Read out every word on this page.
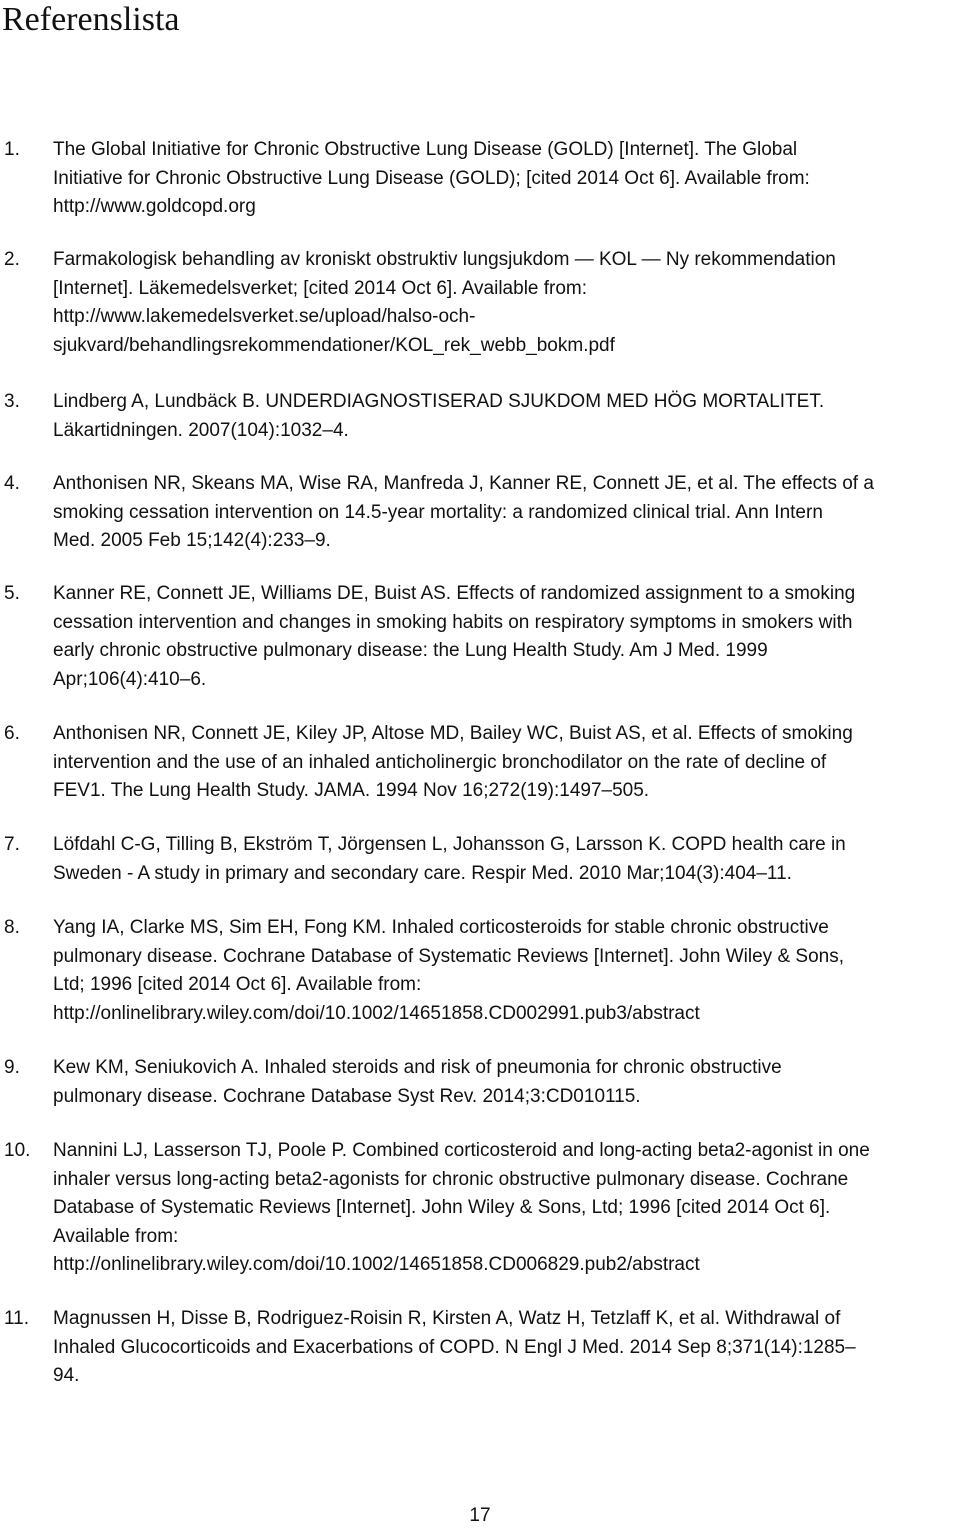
Referenslista
1. The Global Initiative for Chronic Obstructive Lung Disease (GOLD) [Internet]. The Global
Initiative for Chronic Obstructive Lung Disease (GOLD); [cited 2014 Oct 6]. Available from:
http://www.goldcopd.org
2. Farmakologisk behandling av kroniskt obstruktiv lungsjukdom — KOL — Ny rekommendation
[Internet]. Läkemedelsverket; [cited 2014 Oct 6]. Available from:
http://www.lakemedelsverket.se/upload/halso-och-
sjukvard/behandlingsrekommendationer/KOL_rek_webb_bokm.pdf
3. Lindberg A, Lundbäck B. UNDERDIAGNOSTISERAD SJUKDOM MED HÖG MORTALITET.
Läkartidningen. 2007(104):1032–4.
4. Anthonisen NR, Skeans MA, Wise RA, Manfreda J, Kanner RE, Connett JE, et al. The effects of a
smoking cessation intervention on 14.5-year mortality: a randomized clinical trial. Ann Intern
Med. 2005 Feb 15;142(4):233–9.
5. Kanner RE, Connett JE, Williams DE, Buist AS. Effects of randomized assignment to a smoking
cessation intervention and changes in smoking habits on respiratory symptoms in smokers with
early chronic obstructive pulmonary disease: the Lung Health Study. Am J Med. 1999
Apr;106(4):410–6.
6. Anthonisen NR, Connett JE, Kiley JP, Altose MD, Bailey WC, Buist AS, et al. Effects of smoking
intervention and the use of an inhaled anticholinergic bronchodilator on the rate of decline of
FEV1. The Lung Health Study. JAMA. 1994 Nov 16;272(19):1497–505.
7. Löfdahl C-G, Tilling B, Ekström T, Jörgensen L, Johansson G, Larsson K. COPD health care in
Sweden - A study in primary and secondary care. Respir Med. 2010 Mar;104(3):404–11.
8. Yang IA, Clarke MS, Sim EH, Fong KM. Inhaled corticosteroids for stable chronic obstructive
pulmonary disease. Cochrane Database of Systematic Reviews [Internet]. John Wiley & Sons,
Ltd; 1996 [cited 2014 Oct 6]. Available from:
http://onlinelibrary.wiley.com/doi/10.1002/14651858.CD002991.pub3/abstract
9. Kew KM, Seniukovich A. Inhaled steroids and risk of pneumonia for chronic obstructive
pulmonary disease. Cochrane Database Syst Rev. 2014;3:CD010115.
10. Nannini LJ, Lasserson TJ, Poole P. Combined corticosteroid and long-acting beta2-agonist in one
inhaler versus long-acting beta2-agonists for chronic obstructive pulmonary disease. Cochrane
Database of Systematic Reviews [Internet]. John Wiley & Sons, Ltd; 1996 [cited 2014 Oct 6].
Available from:
http://onlinelibrary.wiley.com/doi/10.1002/14651858.CD006829.pub2/abstract
11. Magnussen H, Disse B, Rodriguez-Roisin R, Kirsten A, Watz H, Tetzlaff K, et al. Withdrawal of
Inhaled Glucocorticoids and Exacerbations of COPD. N Engl J Med. 2014 Sep 8;371(14):1285–
94.
17
